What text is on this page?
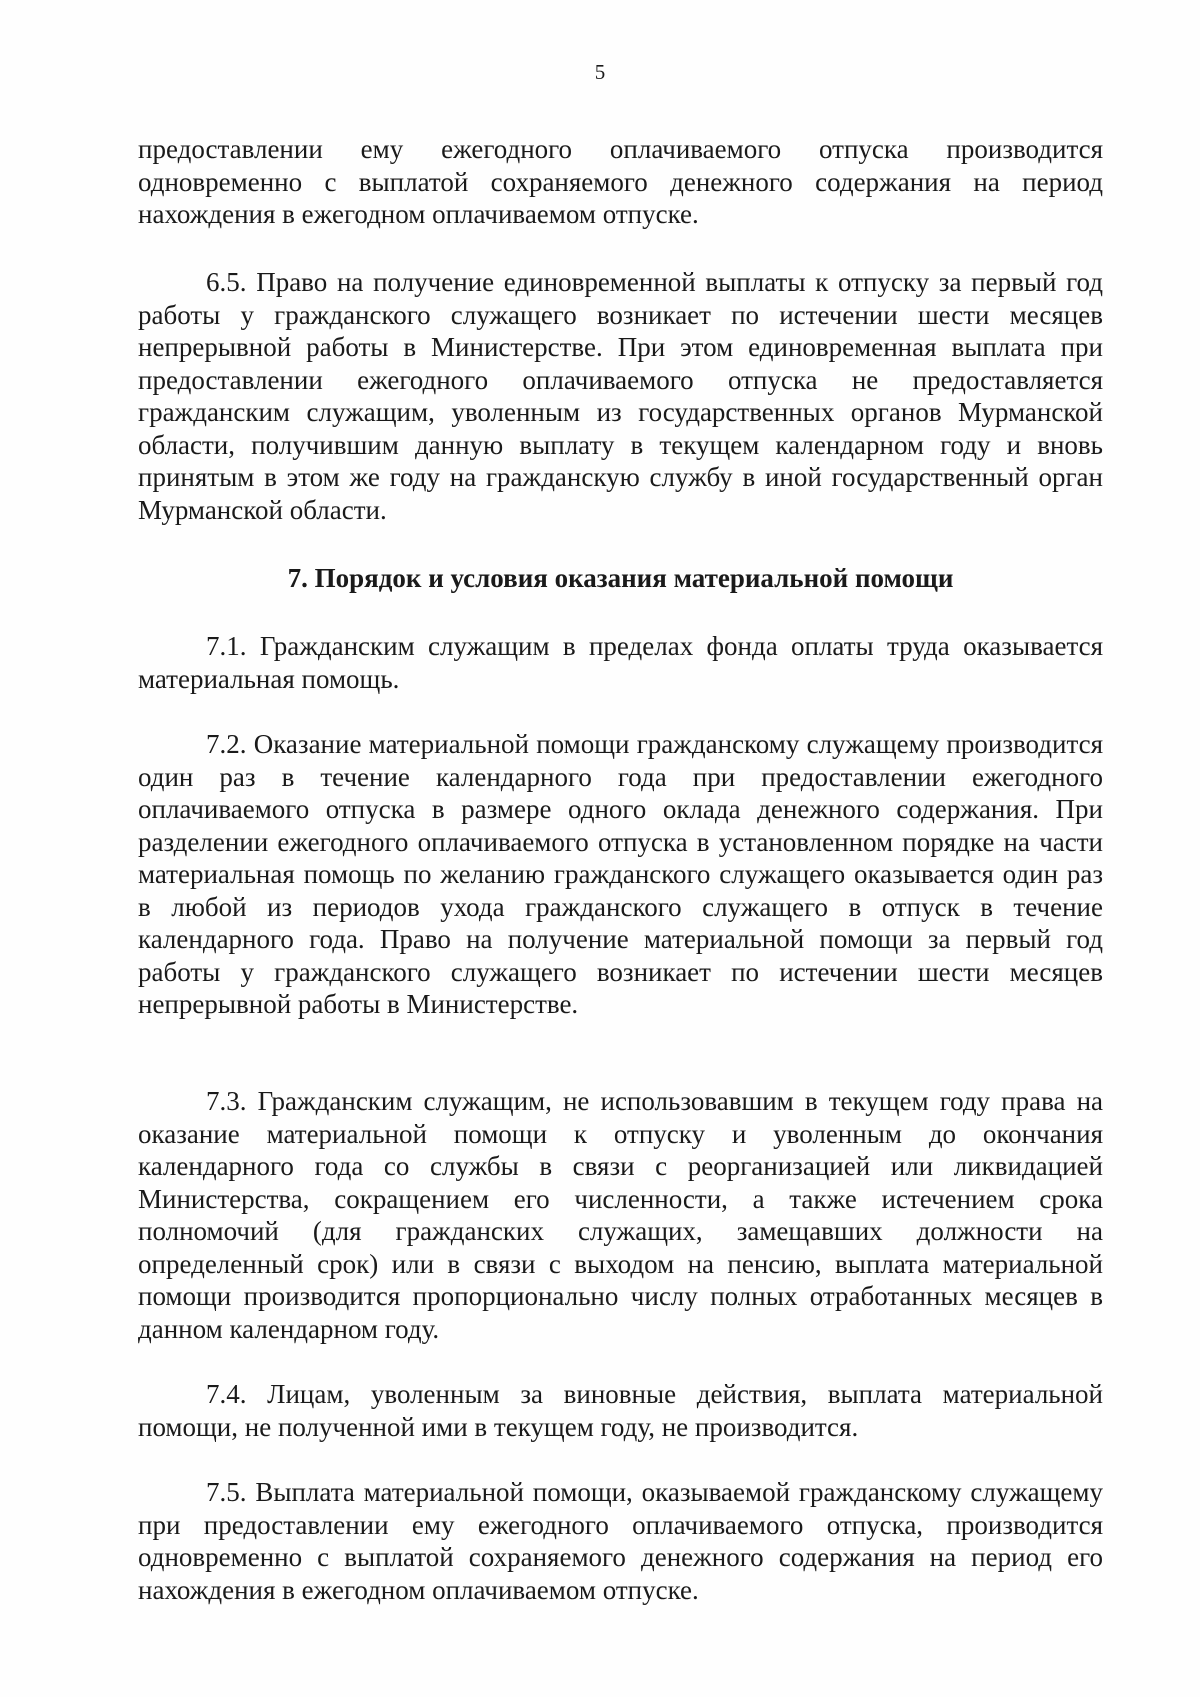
5

предоставлении ему ежегодного оплачиваемого отпуска производится одновременно с выплатой сохраняемого денежного содержания на период нахождения в ежегодном оплачиваемом отпуске.

6.5. Право на получение единовременной выплаты к отпуску за первый год работы у гражданского служащего возникает по истечении шести месяцев непрерывной работы в Министерстве. При этом единовременная выплата при предоставлении ежегодного оплачиваемого отпуска не предоставляется гражданским служащим, уволенным из государственных органов Мурманской области, получившим данную выплату в текущем календарном году и вновь принятым в этом же году на гражданскую службу в иной государственный орган Мурманской области.

7. Порядок и условия оказания материальной помощи

7.1. Гражданским служащим в пределах фонда оплаты труда оказывается материальная помощь.

7.2. Оказание материальной помощи гражданскому служащему производится один раз в течение календарного года при предоставлении ежегодного оплачиваемого отпуска в размере одного оклада денежного содержания. При разделении ежегодного оплачиваемого отпуска в установленном порядке на части материальная помощь по желанию гражданского служащего оказывается один раз в любой из периодов ухода гражданского служащего в отпуск в течение календарного года. Право на получение материальной помощи за первый год работы у гражданского служащего возникает по истечении шести месяцев непрерывной работы в Министерстве.

7.3. Гражданским служащим, не использовавшим в текущем году права на оказание материальной помощи к отпуску и уволенным до окончания календарного года со службы в связи с реорганизацией или ликвидацией Министерства, сокращением его численности, а также истечением срока полномочий (для гражданских служащих, замещавших должности на определенный срок) или в связи с выходом на пенсию, выплата материальной помощи производится пропорционально числу полных отработанных месяцев в данном календарном году.

7.4. Лицам, уволенным за виновные действия, выплата материальной помощи, не полученной ими в текущем году, не производится.

7.5. Выплата материальной помощи, оказываемой гражданскому служащему при предоставлении ему ежегодного оплачиваемого отпуска, производится одновременно с выплатой сохраняемого денежного содержания на период его нахождения в ежегодном оплачиваемом отпуске.
